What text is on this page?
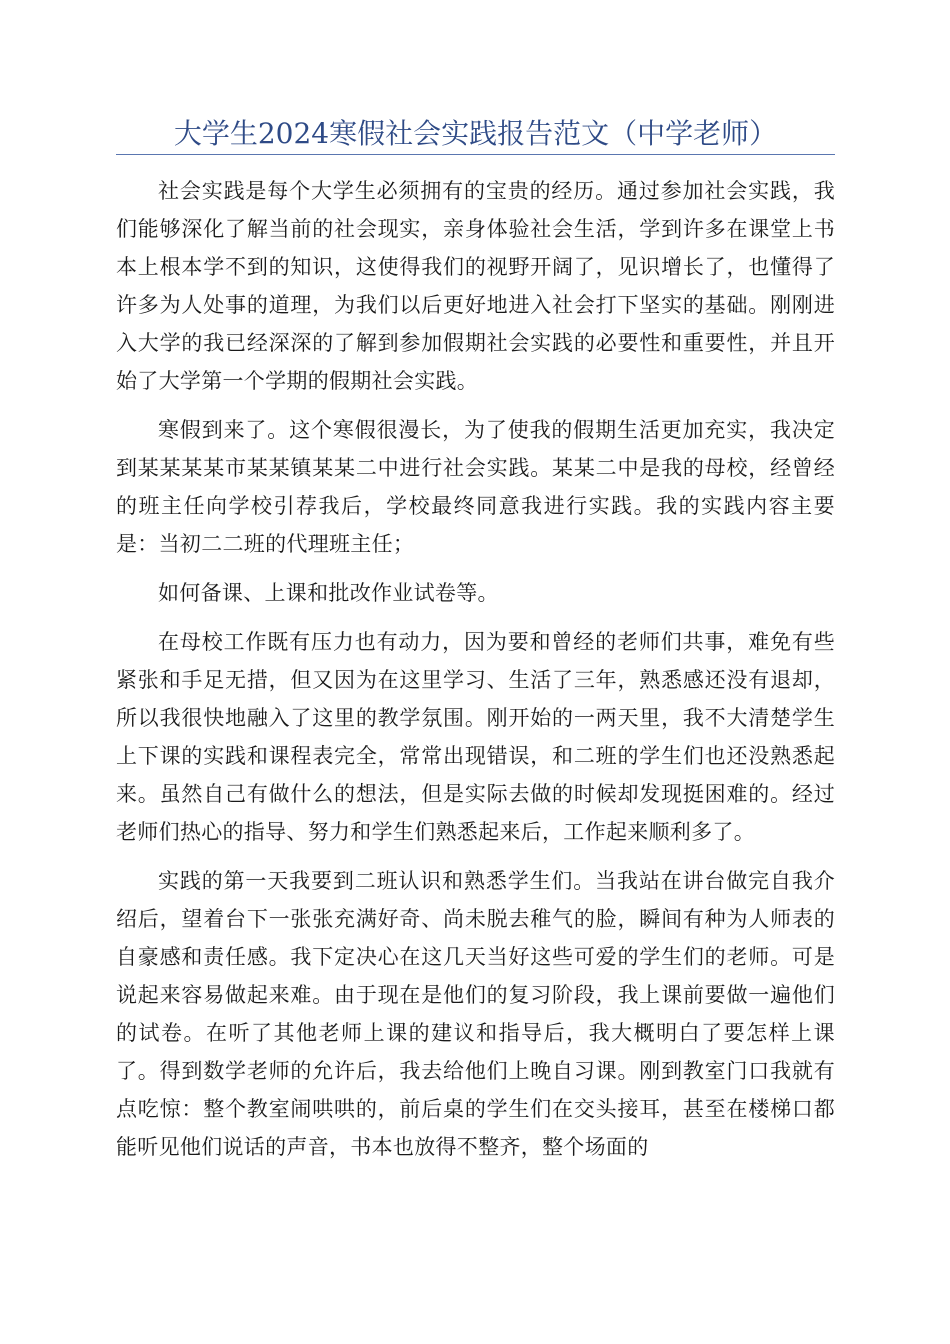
大学生2024寒假社会实践报告范文（中学老师）

社会实践是每个大学生必须拥有的宝贵的经历。通过参加社会实践，我们能够深化了解当前的社会现实，亲身体验社会生活，学到许多在课堂上书本上根本学不到的知识，这使得我们的视野开阔了，见识增长了，也懂得了许多为人处事的道理，为我们以后更好地进入社会打下坚实的基础。刚刚进入大学的我已经深深的了解到参加假期社会实践的必要性和重要性，并且开始了大学第一个学期的假期社会实践。

寒假到来了。这个寒假很漫长，为了使我的假期生活更加充实，我决定到某某某某市某某镇某某二中进行社会实践。某某二中是我的母校，经曾经的班主任向学校引荐我后，学校最终同意我进行实践。我的实践内容主要是：当初二二班的代理班主任；

如何备课、上课和批改作业试卷等。

在母校工作既有压力也有动力，因为要和曾经的老师们共事，难免有些紧张和手足无措，但又因为在这里学习、生活了三年，熟悉感还没有退却，所以我很快地融入了这里的教学氛围。刚开始的一两天里，我不大清楚学生上下课的实践和课程表完全，常常出现错误，和二班的学生们也还没熟悉起来。虽然自己有做什么的想法，但是实际去做的时候却发现挺困难的。经过老师们热心的指导、努力和学生们熟悉起来后，工作起来顺利多了。

实践的第一天我要到二班认识和熟悉学生们。当我站在讲台做完自我介绍后，望着台下一张张充满好奇、尚未脱去稚气的脸，瞬间有种为人师表的自豪感和责任感。我下定决心在这几天当好这些可爱的学生们的老师。可是说起来容易做起来难。由于现在是他们的复习阶段，我上课前要做一遍他们的试卷。在听了其他老师上课的建议和指导后，我大概明白了要怎样上课了。得到数学老师的允许后，我去给他们上晚自习课。刚到教室门口我就有点吃惊：整个教室闹哄哄的，前后桌的学生们在交头接耳，甚至在楼梯口都能听见他们说话的声音，书本也放得不整齐，整个场面的
